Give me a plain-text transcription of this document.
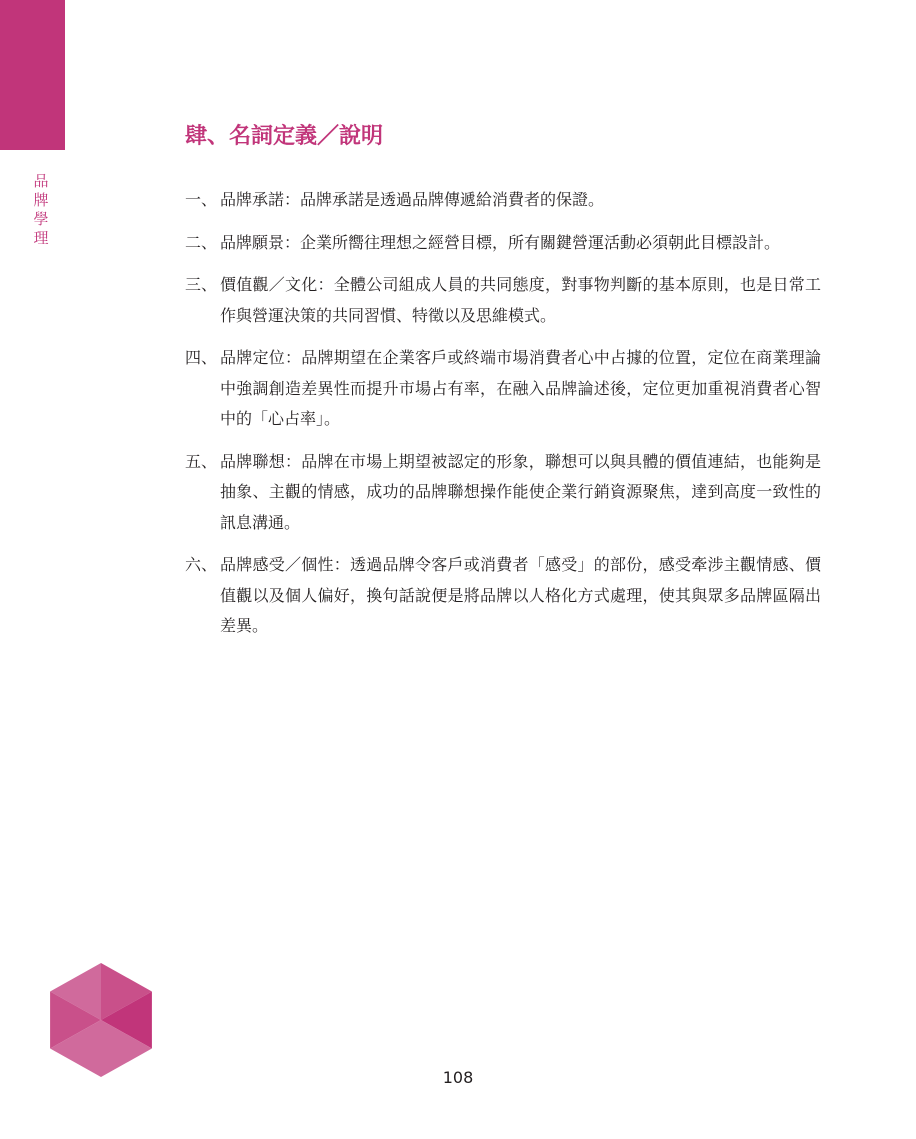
品牌學理
肆、名詞定義／說明
一、 品牌承諾：品牌承諾是透過品牌傳遞給消費者的保證。
二、 品牌願景：企業所嚮往理想之經營目標，所有關鍵營運活動必須朝此目標設計。
三、 價值觀／文化：全體公司組成人員的共同態度，對事物判斷的基本原則，也是日常工作與營運決策的共同習慣、特徵以及思維模式。
四、 品牌定位：品牌期望在企業客戶或終端市場消費者心中占據的位置，定位在商業理論中強調創造差異性而提升市場占有率，在融入品牌論述後，定位更加重視消費者心智中的「心占率」。
五、 品牌聯想：品牌在市場上期望被認定的形象，聯想可以與具體的價值連結，也能夠是抽象、主觀的情感，成功的品牌聯想操作能使企業行銷資源聚焦，達到高度一致性的訊息溝通。
六、 品牌感受／個性：透過品牌令客戶或消費者「感受」的部份，感受牽涉主觀情感、價值觀以及個人偏好，換句話說便是將品牌以人格化方式處理，使其與眾多品牌區隔出差異。
108
